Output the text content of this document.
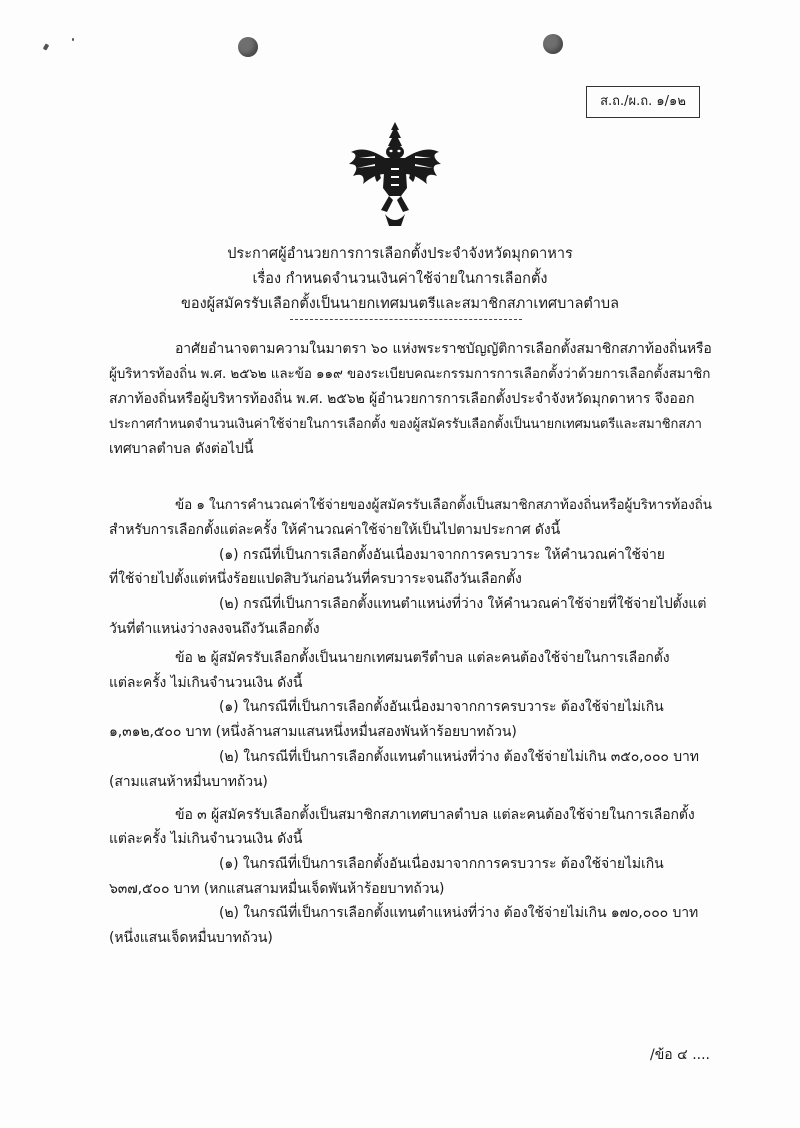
ส.ถ./ผ.ถ. ๑/๑๒
ประกาศผู้อำนวยการการเลือกตั้งประจำจังหวัดมุกดาหาร
เรื่อง กำหนดจำนวนเงินค่าใช้จ่ายในการเลือกตั้ง
ของผู้สมัครรับเลือกตั้งเป็นนายกเทศมนตรีและสมาชิกสภาเทศบาลตำบล
อาศัยอำนาจตามความในมาตรา ๖๐ แห่งพระราชบัญญัติการเลือกตั้งสมาชิกสภาท้องถิ่นหรือ
ผู้บริหารท้องถิ่น พ.ศ. ๒๕๖๒ และข้อ ๑๑๙ ของระเบียบคณะกรรมการการเลือกตั้งว่าด้วยการเลือกตั้งสมาชิก
สภาท้องถิ่นหรือผู้บริหารท้องถิ่น พ.ศ. ๒๕๖๒ ผู้อำนวยการการเลือกตั้งประจำจังหวัดมุกดาหาร จึงออก
ประกาศกำหนดจำนวนเงินค่าใช้จ่ายในการเลือกตั้ง ของผู้สมัครรับเลือกตั้งเป็นนายกเทศมนตรีและสมาชิกสภา
เทศบาลตำบล ดังต่อไปนี้
ข้อ ๑ ในการคำนวณค่าใช้จ่ายของผู้สมัครรับเลือกตั้งเป็นสมาชิกสภาท้องถิ่นหรือผู้บริหารท้องถิ่น
สำหรับการเลือกตั้งแต่ละครั้ง ให้คำนวณค่าใช้จ่ายให้เป็นไปตามประกาศ ดังนี้
(๑) กรณีที่เป็นการเลือกตั้งอันเนื่องมาจากการครบวาระ ให้คำนวณค่าใช้จ่าย
ที่ใช้จ่ายไปตั้งแต่หนึ่งร้อยแปดสิบวันก่อนวันที่ครบวาระจนถึงวันเลือกตั้ง
(๒) กรณีที่เป็นการเลือกตั้งแทนตำแหน่งที่ว่าง ให้คำนวณค่าใช้จ่ายที่ใช้จ่ายไปตั้งแต่
วันที่ตำแหน่งว่างลงจนถึงวันเลือกตั้ง
ข้อ ๒ ผู้สมัครรับเลือกตั้งเป็นนายกเทศมนตรีตำบล แต่ละคนต้องใช้จ่ายในการเลือกตั้ง
แต่ละครั้ง ไม่เกินจำนวนเงิน ดังนี้
(๑) ในกรณีที่เป็นการเลือกตั้งอันเนื่องมาจากการครบวาระ ต้องใช้จ่ายไม่เกิน
๑,๓๑๒,๕๐๐ บาท (หนึ่งล้านสามแสนหนึ่งหมื่นสองพันห้าร้อยบาทถ้วน)
(๒) ในกรณีที่เป็นการเลือกตั้งแทนตำแหน่งที่ว่าง ต้องใช้จ่ายไม่เกิน ๓๕๐,๐๐๐ บาท
(สามแสนห้าหมื่นบาทถ้วน)
ข้อ ๓ ผู้สมัครรับเลือกตั้งเป็นสมาชิกสภาเทศบาลตำบล แต่ละคนต้องใช้จ่ายในการเลือกตั้ง
แต่ละครั้ง ไม่เกินจำนวนเงิน ดังนี้
(๑) ในกรณีที่เป็นการเลือกตั้งอันเนื่องมาจากการครบวาระ ต้องใช้จ่ายไม่เกิน
๖๓๗,๕๐๐ บาท (หกแสนสามหมื่นเจ็ดพันห้าร้อยบาทถ้วน)
(๒) ในกรณีที่เป็นการเลือกตั้งแทนตำแหน่งที่ว่าง ต้องใช้จ่ายไม่เกิน ๑๗๐,๐๐๐ บาท
(หนึ่งแสนเจ็ดหมื่นบาทถ้วน)
/ข้อ ๔ ....
